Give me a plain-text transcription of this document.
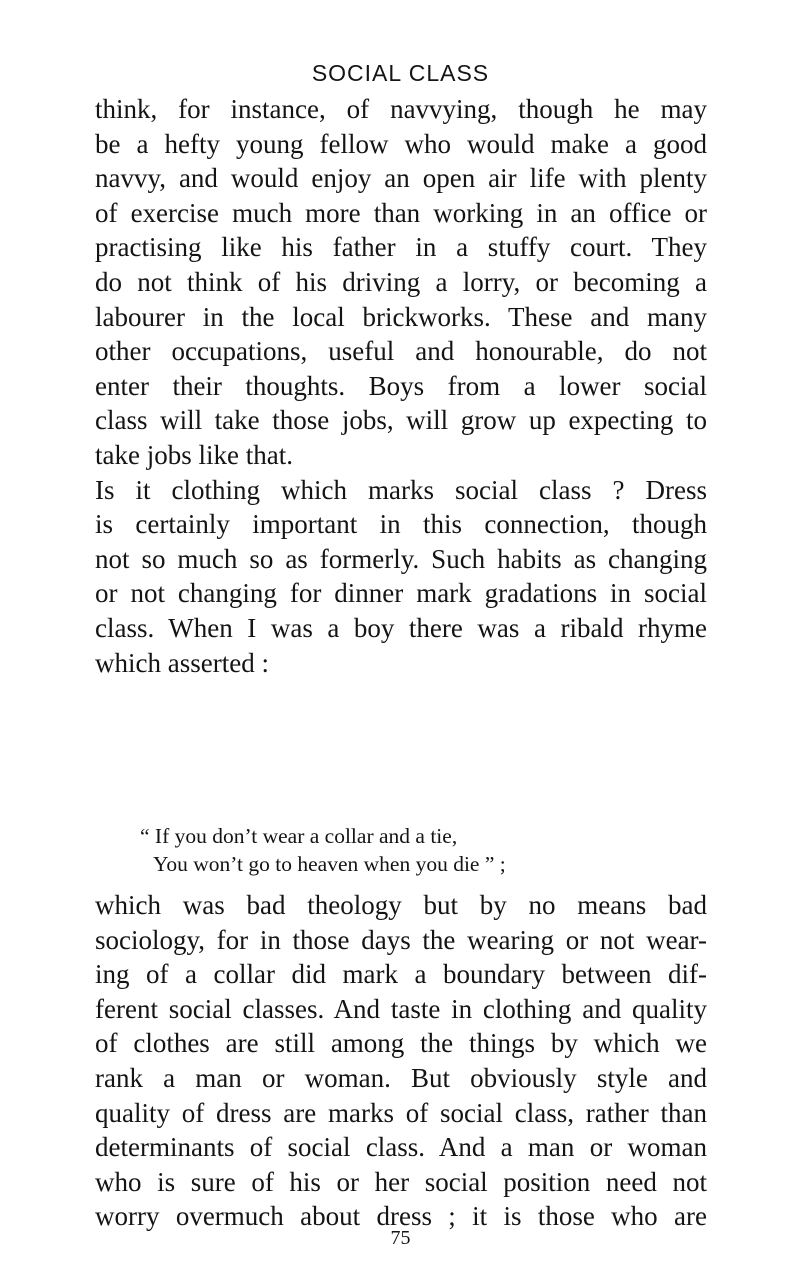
SOCIAL CLASS
think, for instance, of navvying, though he may
be a hefty young fellow who would make a good
navvy, and would enjoy an open air life with plenty
of exercise much more than working in an office or
practising like his father in a stuffy court. They
do not think of his driving a lorry, or becoming a
labourer in the local brickworks. These and many
other occupations, useful and honourable, do not
enter their thoughts. Boys from a lower social
class will take those jobs, will grow up expecting to
take jobs like that.
Is it clothing which marks social class ? Dress
is certainly important in this connection, though
not so much so as formerly. Such habits as changing
or not changing for dinner mark gradations in social
class. When I was a boy there was a ribald rhyme
which asserted :
“ If you don’t wear a collar and a tie,
You won’t go to heaven when you die ” ;
which was bad theology but by no means bad
sociology, for in those days the wearing or not wear-
ing of a collar did mark a boundary between dif-
ferent social classes. And taste in clothing and quality
of clothes are still among the things by which we
rank a man or woman. But obviously style and
quality of dress are marks of social class, rather than
determinants of social class. And a man or woman
who is sure of his or her social position need not
worry overmuch about dress ; it is those who are
75
